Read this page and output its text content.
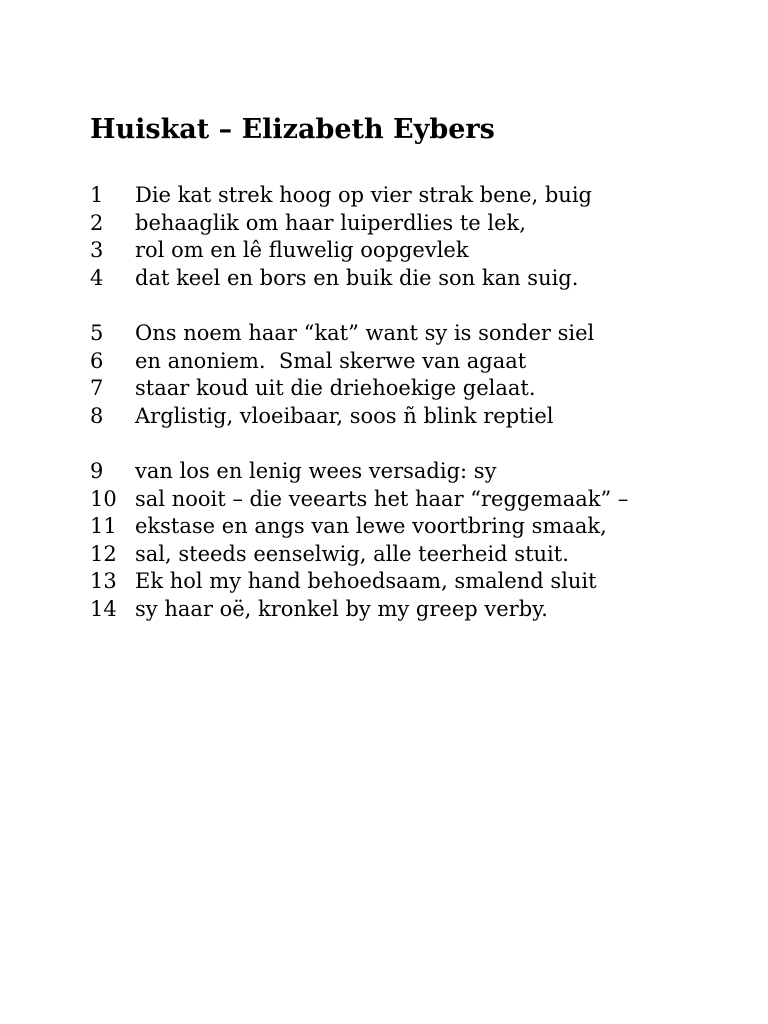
Huiskat – Elizabeth Eybers
1	Die kat strek hoog op vier strak bene, buig
2	behaaglik om haar luiperdlies te lek,
3	rol om en lê fluwelig oopgevlek
4	dat keel en bors en buik die son kan suig.
5	Ons noem haar “kat” want sy is sonder siel
6	en anoniem.  Smal skerwe van agaat
7	staar koud uit die driehoekige gelaat.
8	Arglistig, vloeibaar, soos ñ blink reptiel
9	van los en lenig wees versadig: sy
10 sal nooit – die veearts het haar “reggemaak” –
11 ekstase en angs van lewe voortbring smaak,
12 sal, steeds eenselwig, alle teerheid stuit.
13 Ek hol my hand behoedsaam, smalend sluit
14 sy haar oë, kronkel by my greep verby.
